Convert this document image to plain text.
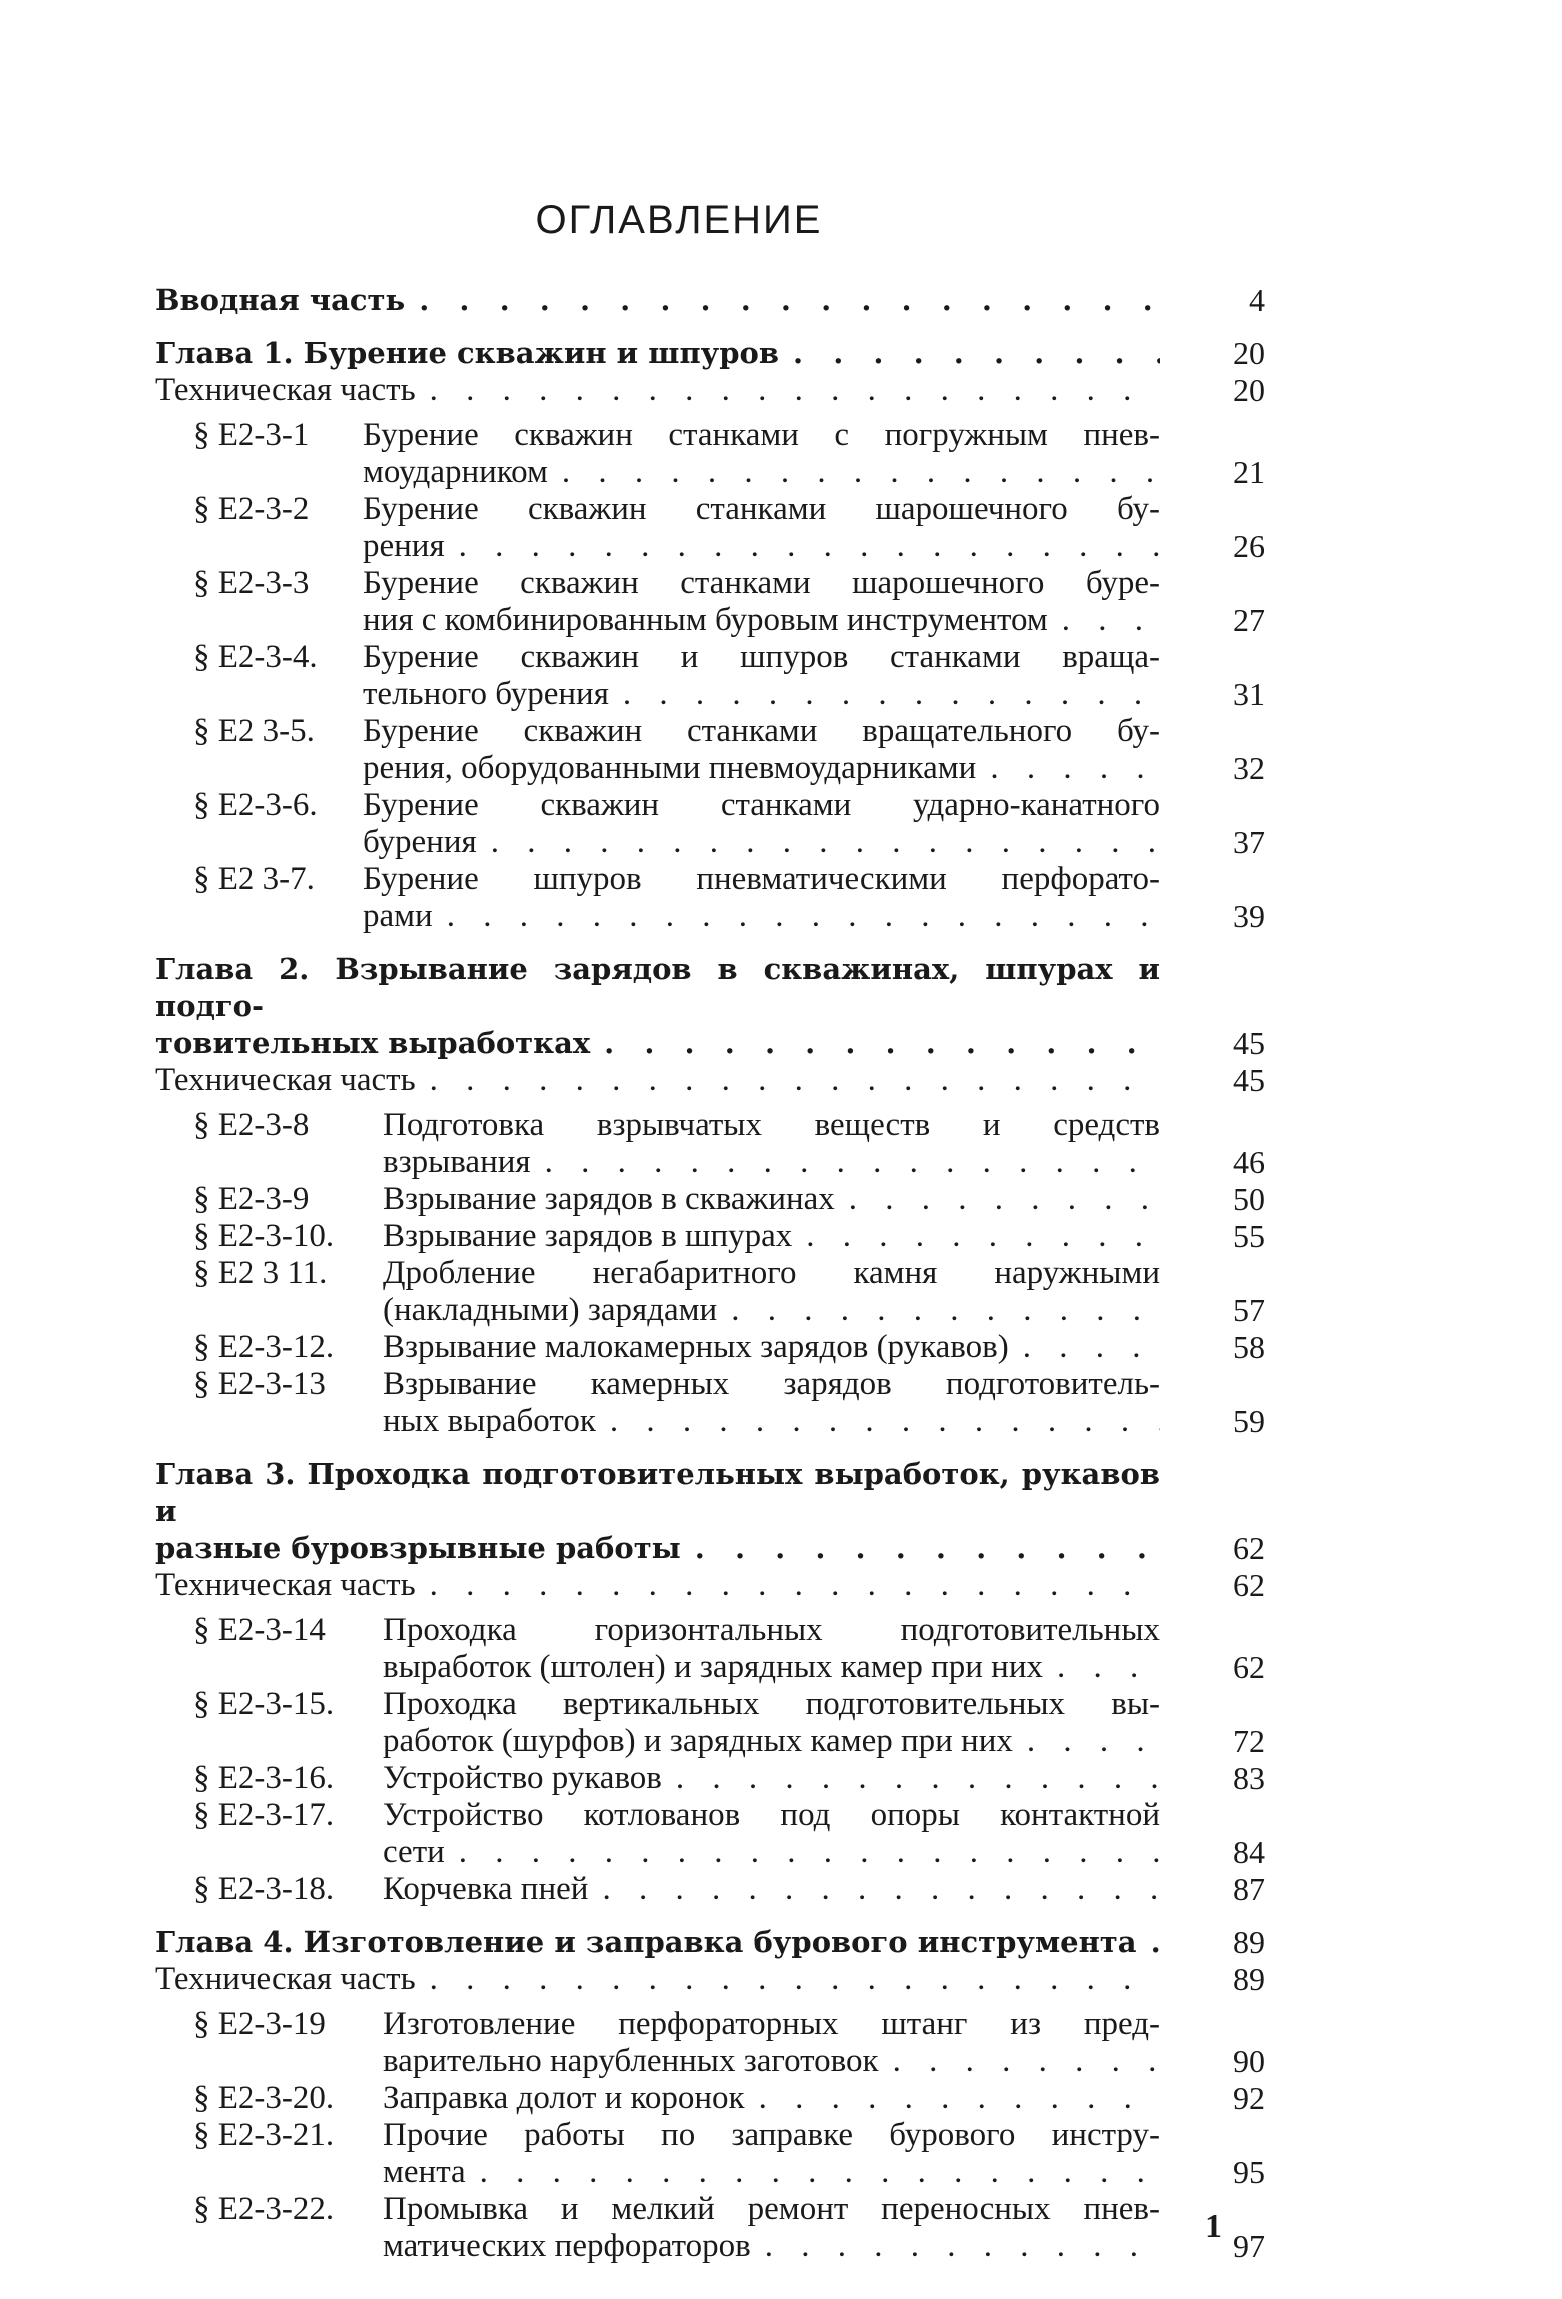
ОГЛАВЛЕНИЕ
Вводная часть . . .	4
Глава 1. Бурение скважин и шпуров . . .	20
Техническая часть . . .	20
§ Е2-3-1	Бурение скважин станками с погружным пнев-
моударником . . .	21
§ Е2-3-2	Бурение скважин станками шарошечного бу-
рения . . .	26
§ Е2-3-3	Бурение скважин станками шарошечного буре-
ния с комбинированным буровым инструментом . . .	27
§ Е2-3-4.	Бурение скважин и шпуров станками враща-
тельного бурения . . .	31
§ Е2 3-5.	Бурение скважин станками вращательного бу-
рения, оборудованными пневмоударниками . . .	32
§ Е2-3-6.	Бурение скважин станками ударно-канатного
бурения . . .	37
§ Е2 3-7.	Бурение шпуров пневматическими перфорато-
рами . . .	39
Глава 2. Взрывание зарядов в скважинах, шпурах и подго-
товительных выработках . . .	45
Техническая часть . . .	45
§ Е2-3-8	Подготовка взрывчатых веществ и средств
взрывания . . .	46
§ Е2-3-9	Взрывание зарядов в скважинах . . .	50
§ Е2-3-10.	Взрывание зарядов в шпурах . . .	55
§ Е2 3 11.	Дробление негабаритного камня наружными
(накладными) зарядами . . .	57
§ Е2-3-12.	Взрывание малокамерных зарядов (рукавов) . . .	58
§ Е2-3-13	Взрывание камерных зарядов подготовитель-
ных выработок . . .	59
Глава 3. Проходка подготовительных выработок, рукавов и
разные буровзрывные работы . . .	62
Техническая часть . . .	62
§ Е2-3-14	Проходка горизонтальных подготовительных
выработок (штолен) и зарядных камер при них . . .	62
§ Е2-3-15.	Проходка вертикальных подготовительных вы-
работок (шурфов) и зарядных камер при них . . .	72
§ Е2-3-16.	Устройство рукавов . . .	83
§ Е2-3-17.	Устройство котлованов под опоры контактной
сети . . .	84
§ Е2-3-18.	Корчевка пней . . .	87
Глава 4. Изготовление и заправка бурового инструмента . . .	89
Техническая часть . . .	89
§ Е2-3-19	Изготовление перфораторных штанг из пред-
варительно нарубленных заготовок . . .	90
§ Е2-3-20.	Заправка долот и коронок . . .	92
§ Е2-3-21.	Прочие работы по заправке бурового инстру-
мента . . .	95
§ Е2-3-22.	Промывка и мелкий ремонт переносных пнев-
матических перфораторов . . .	97
1
